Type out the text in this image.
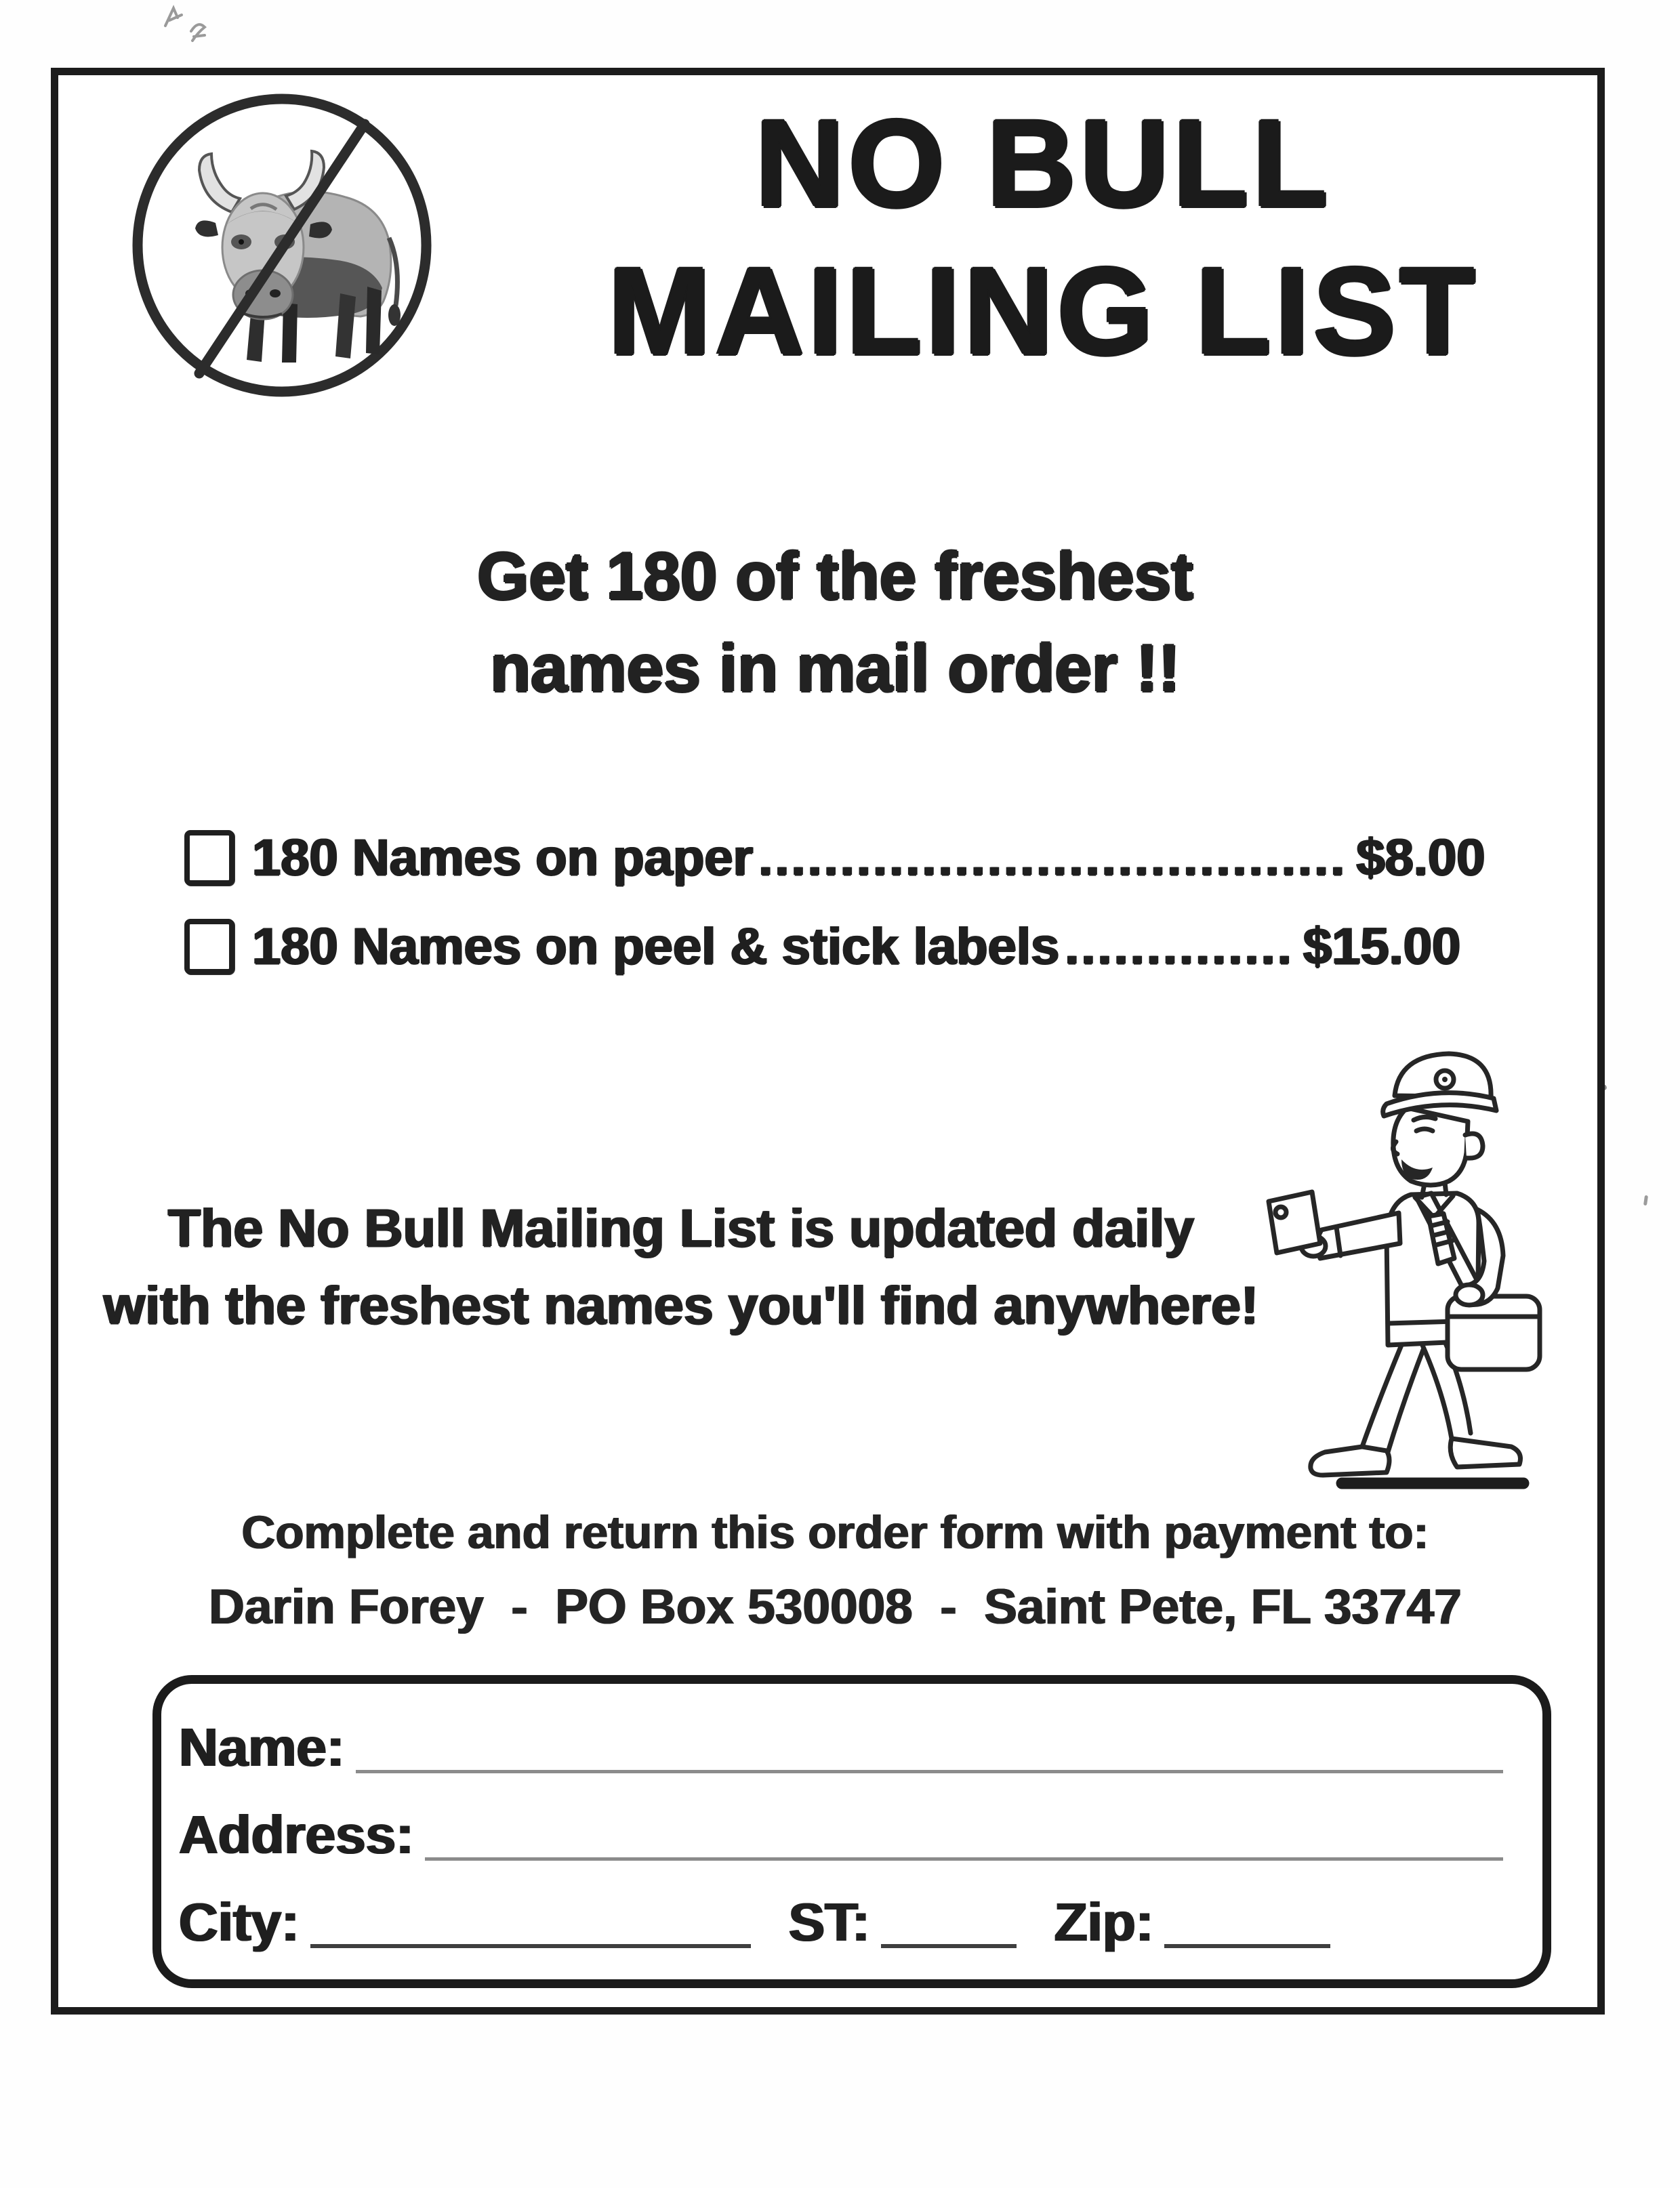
NO BULL
MAILING LIST
Get 180 of the freshest
names in mail order !!
180 Names on paper .................................... $8.00
180 Names on peel & stick labels .............. $15.00
The No Bull Mailing List is updated daily
with the freshest names you'll find anywhere!
Complete and return this order form with payment to:
Darin Forey  -  PO Box 530008  -  Saint Pete, FL 33747
Name:
Address:
City:	ST:	Zip:
